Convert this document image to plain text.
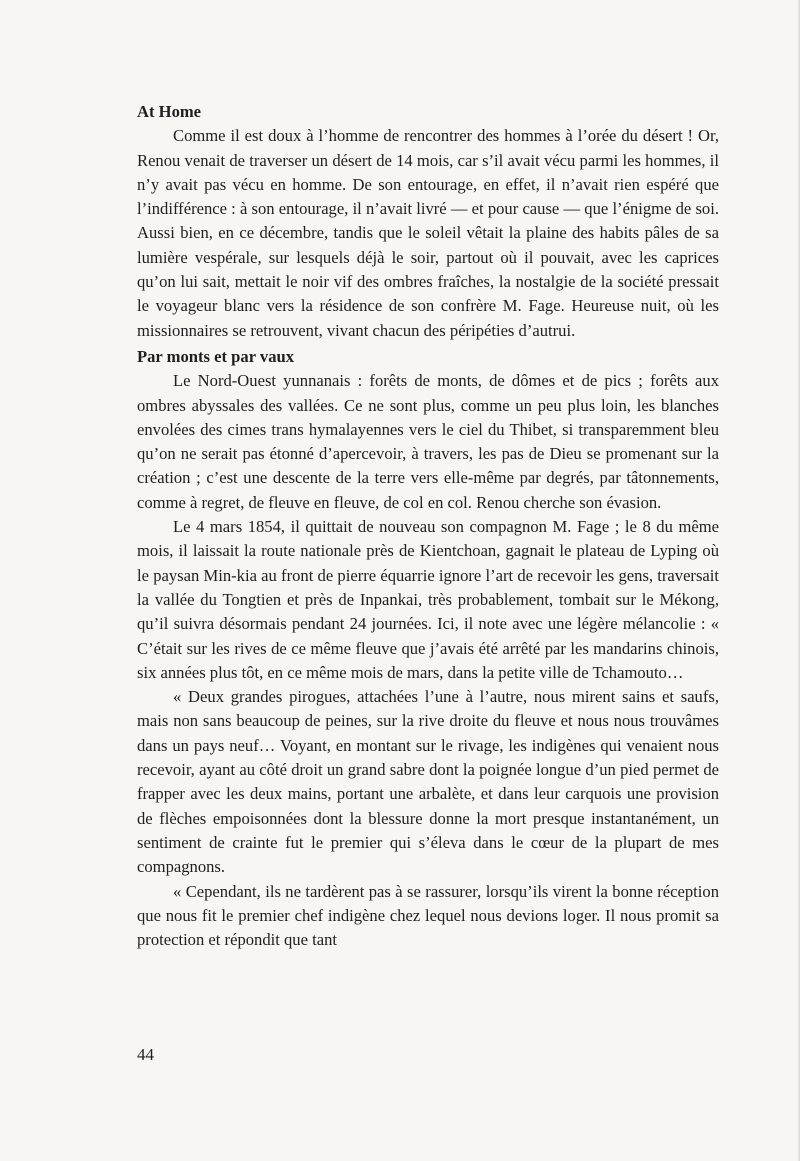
At Home

Comme il est doux à l’homme de rencontrer des hommes à l’orée du désert ! Or, Renou venait de traverser un désert de 14 mois, car s’il avait vécu parmi les hommes, il n’y avait pas vécu en homme. De son entourage, en effet, il n’avait rien espéré que l’indifférence : à son entourage, il n’avait livré — et pour cause — que l’énigme de soi. Aussi bien, en ce décembre, tandis que le soleil vêtait la plaine des habits pâles de sa lumière vespérale, sur lesquels déjà le soir, partout où il pouvait, avec les caprices qu’on lui sait, mettait le noir vif des ombres fraîches, la nostalgie de la société pressait le voyageur blanc vers la résidence de son confrère M. Fage. Heureuse nuit, où les missionnaires se retrouvent, vivant chacun des péripéties d’autrui.

Par monts et par vaux

Le Nord-Ouest yunnanais : forêts de monts, de dômes et de pics ; forêts aux ombres abyssales des vallées. Ce ne sont plus, comme un peu plus loin, les blanches envolées des cimes trans hymalayennes vers le ciel du Thibet, si transparemment bleu qu’on ne serait pas étonné d’apercevoir, à travers, les pas de Dieu se promenant sur la création ; c’est une descente de la terre vers elle-même par degrés, par tâtonnements, comme à regret, de fleuve en fleuve, de col en col. Renou cherche son évasion.

Le 4 mars 1854, il quittait de nouveau son compagnon M. Fage ; le 8 du même mois, il laissait la route nationale près de Kientchoan, gagnait le plateau de Lyping où le paysan Min-kia au front de pierre équarrie ignore l’art de recevoir les gens, traversait la vallée du Tongtien et près de Inpankai, très probablement, tombait sur le Mékong, qu’il suivra désormais pendant 24 journées. Ici, il note avec une légère mélancolie : « C’était sur les rives de ce même fleuve que j’avais été arrêté par les mandarins chinois, six années plus tôt, en ce même mois de mars, dans la petite ville de Tchamouto…

« Deux grandes pirogues, attachées l’une à l’autre, nous mirent sains et saufs, mais non sans beaucoup de peines, sur la rive droite du fleuve et nous nous trouvâmes dans un pays neuf… Voyant, en montant sur le rivage, les indigènes qui venaient nous recevoir, ayant au côté droit un grand sabre dont la poignée longue d’un pied permet de frapper avec les deux mains, portant une arbalète, et dans leur carquois une provision de flèches empoisonnées dont la blessure donne la mort presque instantanément, un sentiment de crainte fut le premier qui s’éleva dans le cœur de la plupart de mes compagnons.

« Cependant, ils ne tardèrent pas à se rassurer, lorsqu’ils virent la bonne réception que nous fit le premier chef indigène chez lequel nous devions loger. Il nous promit sa protection et répondit que tant

44
